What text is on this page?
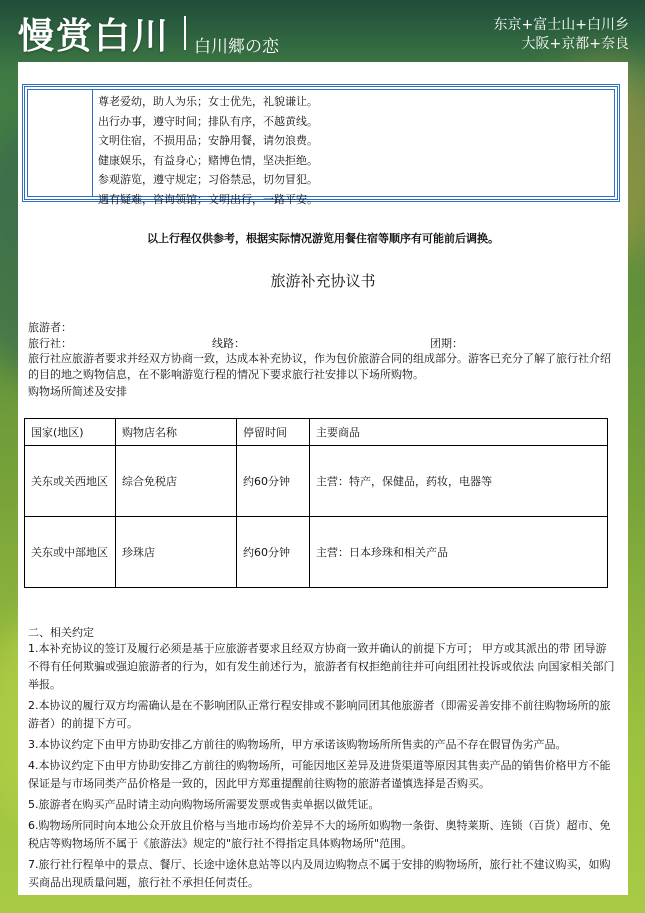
慢赏白川 白川郷の恋
东京+富士山+白川乡
大阪+京都+奈良
尊老爱幼，助人为乐；女士优先，礼貌谦让。
出行办事，遵守时间；排队有序，不越黄线。
文明住宿，不损用品；安静用餐，请勿浪费。
健康娱乐，有益身心；赌博色情，坚决拒绝。
参观游览，遵守规定；习俗禁忌，切勿冒犯。
遇有疑难，咨询领馆；文明出行，一路平安。
以上行程仅供参考，根据实际情况游览用餐住宿等顺序有可能前后调换。
旅游补充协议书
旅游者：
旅行社：	线路：	团期：
旅行社应旅游者要求并经双方协商一致，达成本补充协议，作为包价旅游合同的组成部分。游客已充分了解了旅行社介绍的目的地之购物信息，在不影响游览行程的情况下要求旅行社安排以下场所购物。
购物场所简述及安排
国家(地区)	购物店名称	停留时间	主要商品
关东或关西地区	综合免税店	约60分钟	主营：特产，保健品，药妆，电器等
关东或中部地区	珍珠店	约60分钟	主营：日本珍珠和相关产品
二、相关约定
1.本补充协议的签订及履行必须是基于应旅游者要求且经双方协商一致并确认的前提下方可； 甲方或其派出的带 团导游不得有任何欺骗或强迫旅游者的行为，如有发生前述行为，旅游者有权拒绝前往并可向组团社投诉或依法 向国家相关部门举报。
2.本协议的履行双方均需确认是在不影响团队正常行程安排或不影响同团其他旅游者（即需妥善安排不前往购物场所的旅游者）的前提下方可。
3.本协议约定下由甲方协助安排乙方前往的购物场所，甲方承诺该购物场所所售卖的产品不存在假冒伪劣产品。
4.本协议约定下由甲方协助安排乙方前往的购物场所，可能因地区差异及进货渠道等原因其售卖产品的销售价格甲方不能保证是与市场同类产品价格是一致的，因此甲方郑重提醒前往购物的旅游者谨慎选择是否购买。
5.旅游者在购买产品时请主动向购物场所需要发票或售卖单据以做凭证。
6.购物场所同时向本地公众开放且价格与当地市场均价差异不大的场所如购物一条街、奥特莱斯、连锁（百货）超市、免税店等购物场所不属于《旅游法》规定的"旅行社不得指定具体购物场所"范围。
7.旅行社行程单中的景点、餐厅、长途中途休息站等以内及周边购物点不属于安排的购物场所，旅行社不建议购买，如购买商品出现质量问题，旅行社不承担任何责任。
